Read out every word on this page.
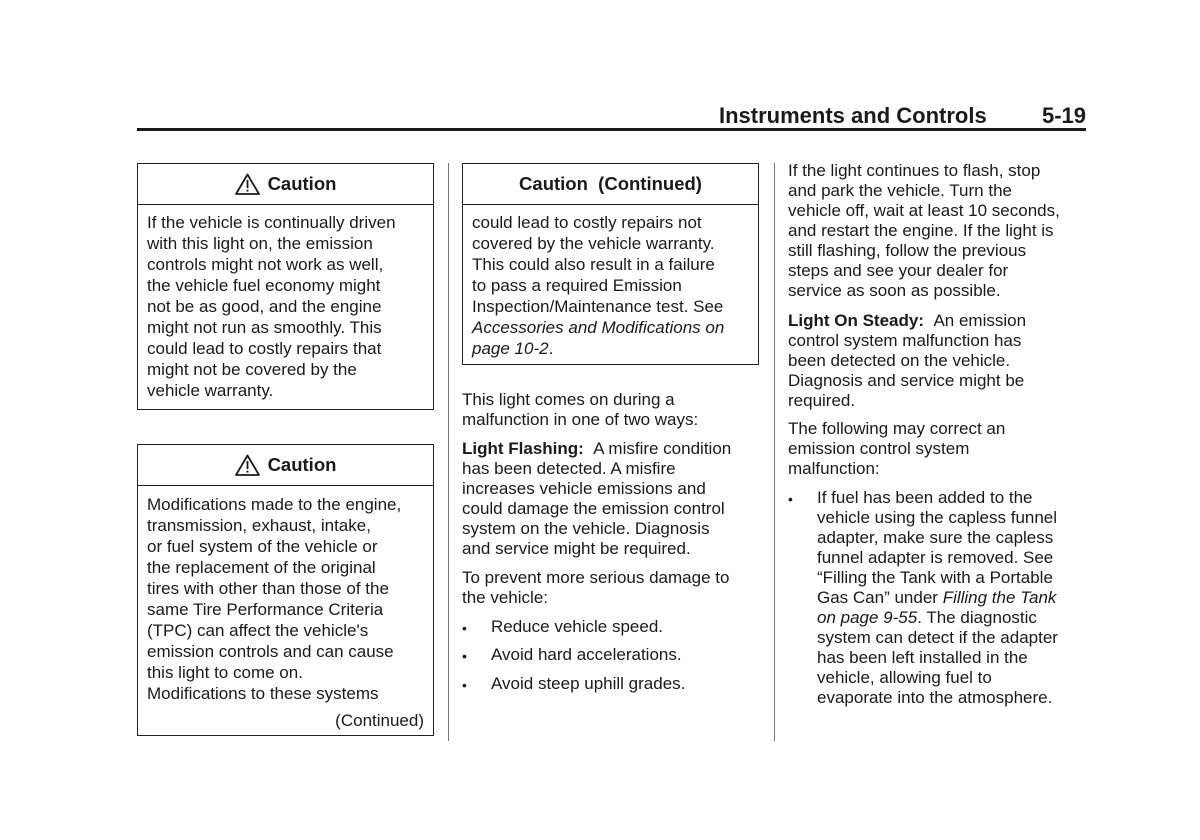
Instruments and Controls	5-19
Caution
If the vehicle is continually driven
with this light on, the emission
controls might not work as well,
the vehicle fuel economy might
not be as good, and the engine
might not run as smoothly. This
could lead to costly repairs that
might not be covered by the
vehicle warranty.
Caution
Modifications made to the engine,
transmission, exhaust, intake,
or fuel system of the vehicle or
the replacement of the original
tires with other than those of the
same Tire Performance Criteria
(TPC) can affect the vehicle's
emission controls and can cause
this light to come on.
Modifications to these systems
(Continued)
Caution  (Continued)
could lead to costly repairs not
covered by the vehicle warranty.
This could also result in a failure
to pass a required Emission
Inspection/Maintenance test. See
Accessories and Modifications on
page 10-2.
This light comes on during a
malfunction in one of two ways:
Light Flashing: A misfire condition
has been detected. A misfire
increases vehicle emissions and
could damage the emission control
system on the vehicle. Diagnosis
and service might be required.
To prevent more serious damage to
the vehicle:
• Reduce vehicle speed.
• Avoid hard accelerations.
• Avoid steep uphill grades.
If the light continues to flash, stop
and park the vehicle. Turn the
vehicle off, wait at least 10 seconds,
and restart the engine. If the light is
still flashing, follow the previous
steps and see your dealer for
service as soon as possible.
Light On Steady: An emission
control system malfunction has
been detected on the vehicle.
Diagnosis and service might be
required.
The following may correct an
emission control system
malfunction:
• If fuel has been added to the
vehicle using the capless funnel
adapter, make sure the capless
funnel adapter is removed. See
“Filling the Tank with a Portable
Gas Can” under Filling the Tank
on page 9-55. The diagnostic
system can detect if the adapter
has been left installed in the
vehicle, allowing fuel to
evaporate into the atmosphere.
